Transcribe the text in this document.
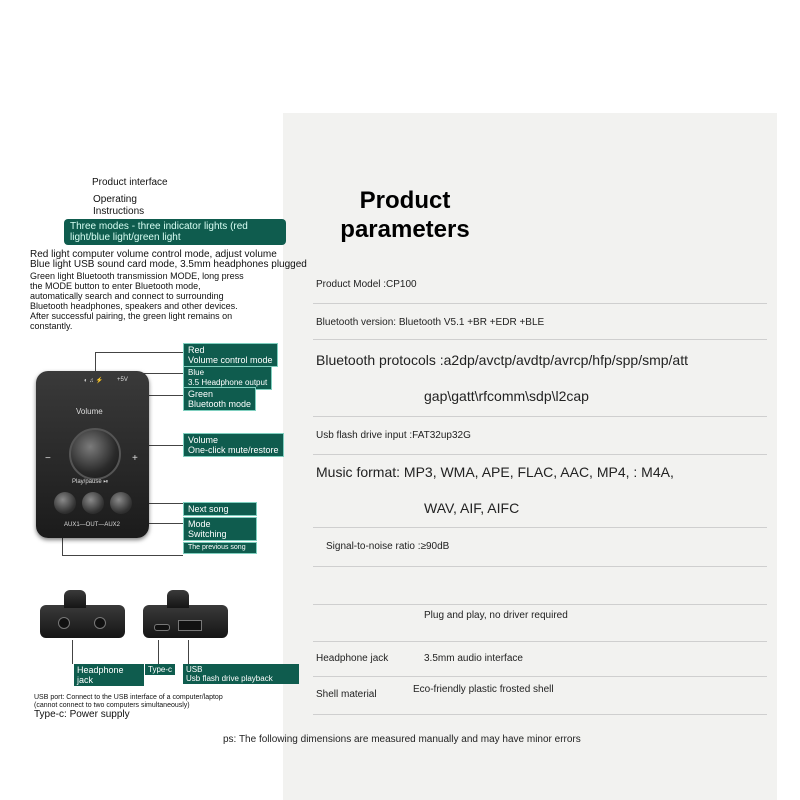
Product
parameters
Product Model :CP100
Bluetooth version: Bluetooth V5.1 +BR +EDR +BLE
Bluetooth protocols :a2dp/avctp/avdtp/avrcp/hfp/spp/smp/att
gap\gatt\rfcomm\sdp\l2cap
Usb flash drive input :FAT32up32G
Music format: MP3, WMA, APE, FLAC, AAC, MP4, : M4A,
WAV, AIF, AIFC
Signal-to-noise ratio :≥90dB
Plug and play, no driver required
Headphone jack	3.5mm audio interface
Shell material	Eco-friendly plastic frosted shell
ps: The following dimensions are measured manually and may have minor errors
Product interface
Operating
Instructions
Three modes - three indicator lights (red light/blue light/green light
Red light computer volume control mode, adjust volume
Blue light USB sound card mode, 3.5mm headphones plugged
Green light Bluetooth transmission MODE, long press the MODE button to enter Bluetooth mode, automatically search and connect to surrounding Bluetooth headphones, speakers and other devices. After successful pairing, the green light remains on constantly.
Red
Volume control mode
Blue
3.5 Headphone output
Green
Bluetooth mode
Volume
One-click mute/restore
Next song
Mode
Switching
The previous song
◐ ♫ ⚡ +5V
Volume
−	+
Play/pause ⏯
AUX1—OUT—AUX2
Headphone jack
Type-c	USB
Usb flash drive playback
USB port: Connect to the USB interface of a computer/laptop
(cannot connect to two computers simultaneously)
Type-c: Power supply
